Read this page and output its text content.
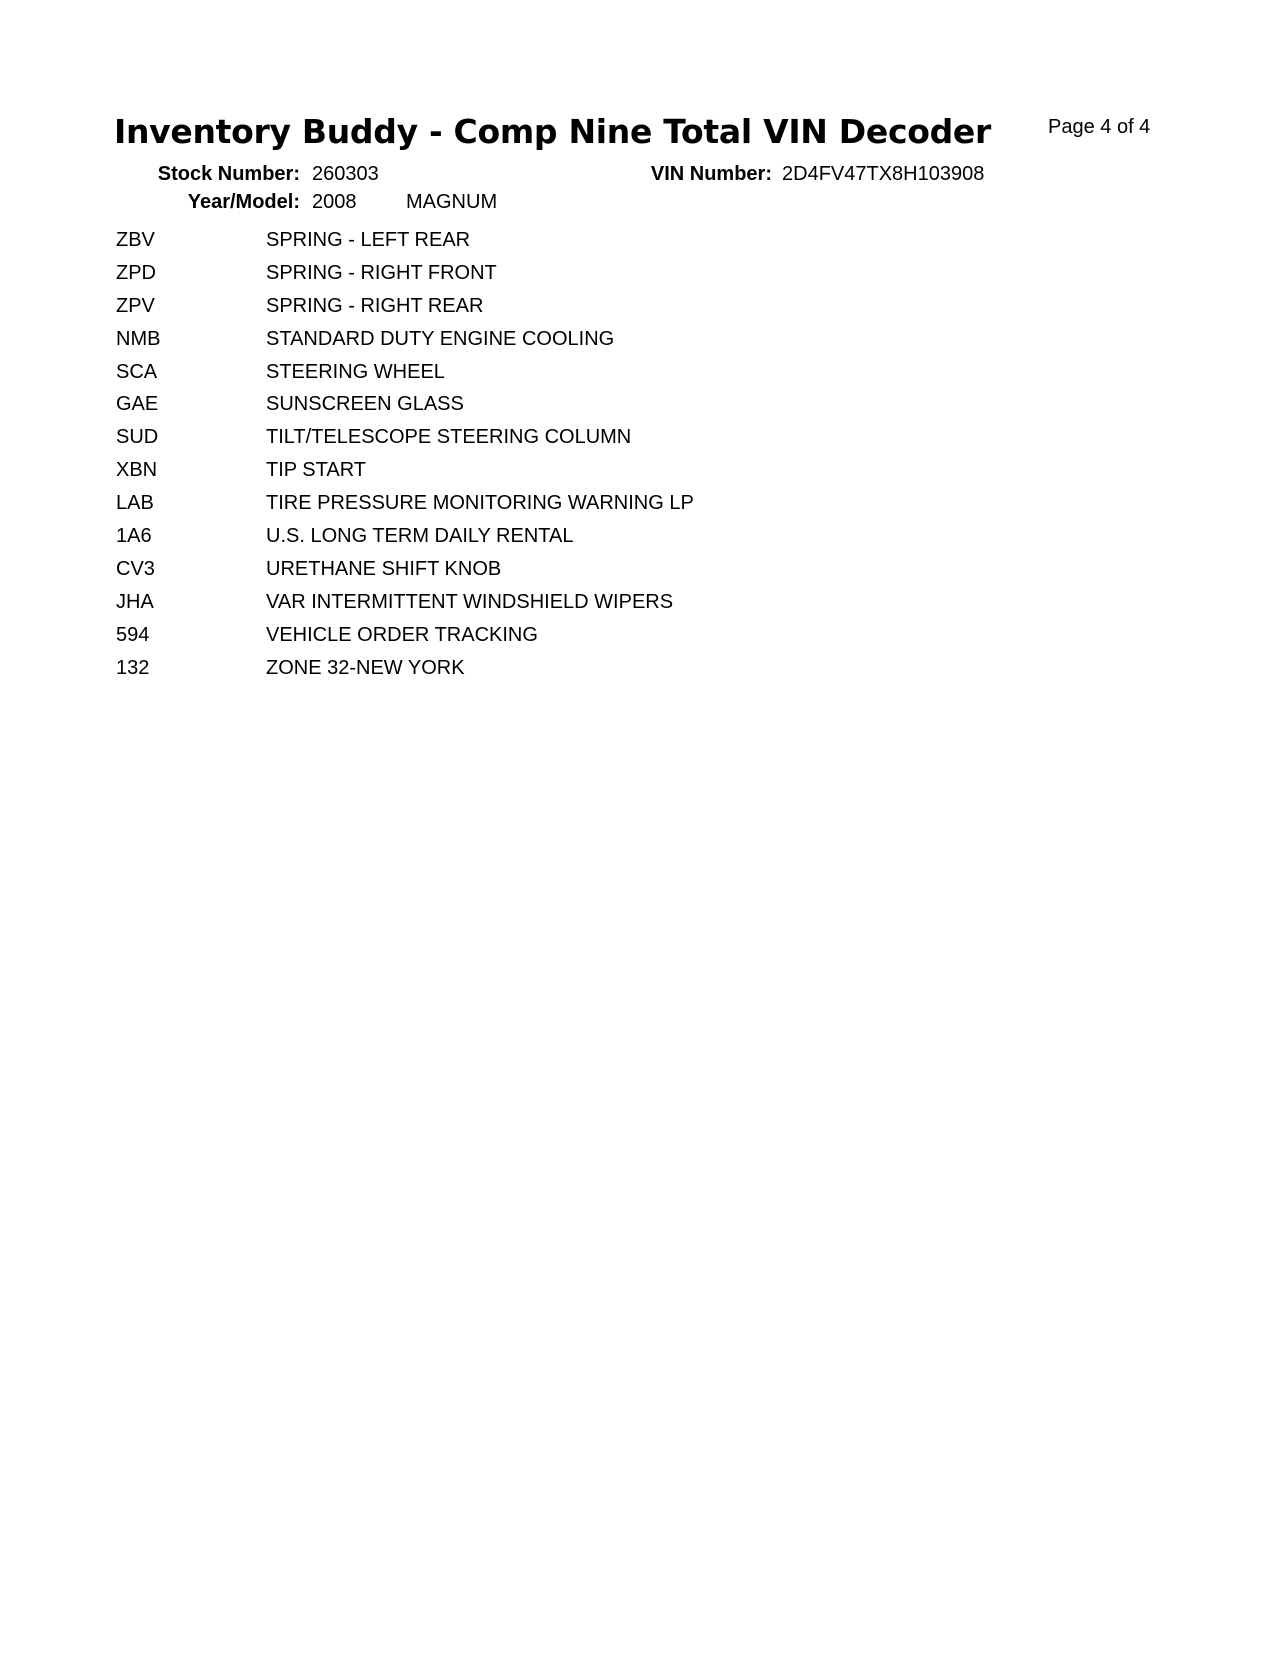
Inventory Buddy - Comp Nine Total VIN Decoder	Page 4 of 4
Stock Number: 260303	VIN Number: 2D4FV47TX8H103908
Year/Model: 2008 MAGNUM
ZBV	SPRING - LEFT REAR
ZPD	SPRING - RIGHT FRONT
ZPV	SPRING - RIGHT REAR
NMB	STANDARD DUTY ENGINE COOLING
SCA	STEERING WHEEL
GAE	SUNSCREEN GLASS
SUD	TILT/TELESCOPE STEERING COLUMN
XBN	TIP START
LAB	TIRE PRESSURE MONITORING WARNING LP
1A6	U.S. LONG TERM DAILY RENTAL
CV3	URETHANE SHIFT KNOB
JHA	VAR INTERMITTENT WINDSHIELD WIPERS
594	VEHICLE ORDER TRACKING
132	ZONE 32-NEW YORK
